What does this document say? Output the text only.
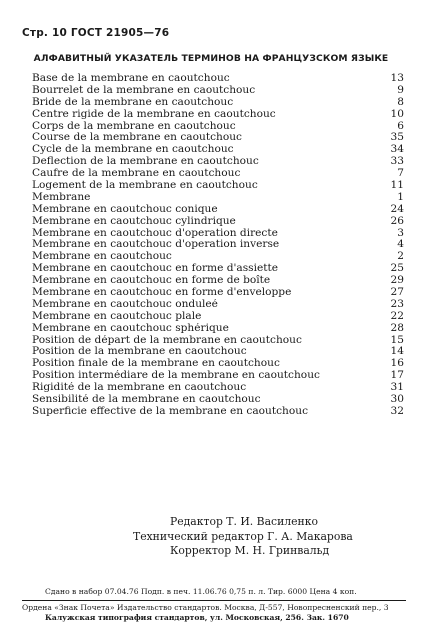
Стр. 10 ГОСТ 21905—76
АЛФАВИТНЫЙ УКАЗАТЕЛЬ ТЕРМИНОВ НА ФРАНЦУЗСКОМ ЯЗЫКЕ
Base de la membrane en caoutchouc	13
Bourrelet de la membrane en caoutchouc	9
Bride de la membrane en caoutchouc	8
Centre rigide de la membrane en caoutchouc	10
Corps de la membrane en caoutchouc	6
Course de la membrane en caoutchouc	35
Cycle de la membrane en caoutchouc	34
Deflection de la membrane en caoutchouc	33
Caufre de la membrane en caoutchouc	7
Logement de la membrane en caoutchouc	11
Membrane	1
Membrane en caoutchouc conique	24
Membrane en caoutchouc cylindrique	26
Membrane en caoutchouc d'operation directe	3
Membrane en caoutchouc d'operation inverse	4
Membrane en caoutchouc	2
Membrane en caoutchouc en forme d'assiette	25
Membrane en caoutchouc en forme de boîte	29
Membrane en caoutchouc en forme d'enveloppe	27
Membrane en caoutchouc onduleé	23
Membrane en caoutchouc plale	22
Membrane en caoutchouc sphérique	28
Position de départ de la membrane en caoutchouc	15
Position de la membrane en caoutchouc	14
Position finale de la membrane en caoutchouc	16
Position intermédiare de la membrane en caoutchouc	17
Rigidité de la membrane en caoutchouc	31
Sensibilité de la membrane en caoutchouc	30
Superficie effective de la membrane en caoutchouc	32
Редактор Т. И. Василенко
Технический редактор Г. А. Макарова
Корректор М. Н. Гринвальд
Сдано в набор 07.04.76 Подп. в печ. 11.06.76 0,75 п. л. Тир. 6000 Цена 4 коп.
Ордена «Знак Почета» Издательство стандартов. Москва, Д-557, Новопресненский пер., 3
Калужская типография стандартов, ул. Московская, 256. Зак. 1670
